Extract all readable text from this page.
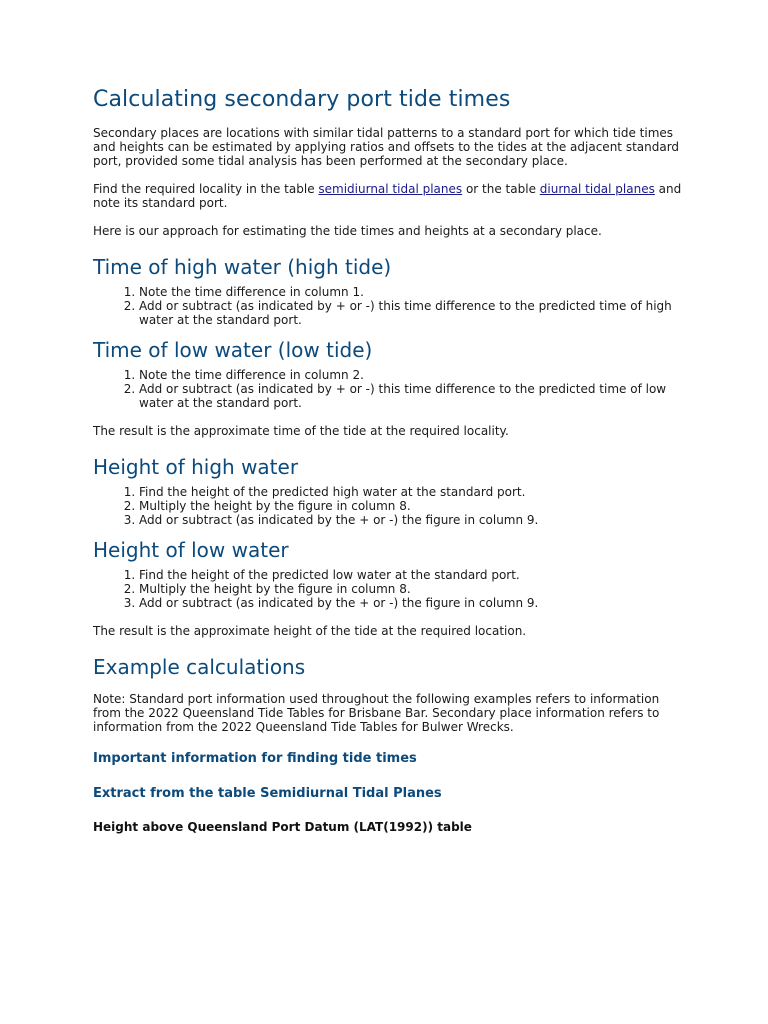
Calculating secondary port tide times

Secondary places are locations with similar tidal patterns to a standard port for which tide times and heights can be estimated by applying ratios and offsets to the tides at the adjacent standard port, provided some tidal analysis has been performed at the secondary place.

Find the required locality in the table semidiurnal tidal planes or the table diurnal tidal planes and note its standard port.

Here is our approach for estimating the tide times and heights at a secondary place.

Time of high water (high tide)
1. Note the time difference in column 1.
2. Add or subtract (as indicated by + or -) this time difference to the predicted time of high water at the standard port.
Time of low water (low tide)
1. Note the time difference in column 2.
2. Add or subtract (as indicated by + or -) this time difference to the predicted time of low water at the standard port.

The result is the approximate time of the tide at the required locality.

Height of high water
1. Find the height of the predicted high water at the standard port.
2. Multiply the height by the figure in column 8.
3. Add or subtract (as indicated by the + or -) the figure in column 9.
Height of low water
1. Find the height of the predicted low water at the standard port.
2. Multiply the height by the figure in column 8.
3. Add or subtract (as indicated by the + or -) the figure in column 9.

The result is the approximate height of the tide at the required location.

Example calculations

Note: Standard port information used throughout the following examples refers to information from the 2022 Queensland Tide Tables for Brisbane Bar. Secondary place information refers to information from the 2022 Queensland Tide Tables for Bulwer Wrecks.

Important information for finding tide times
Extract from the table Semidiurnal Tidal Planes
Height above Queensland Port Datum (LAT(1992)) table
